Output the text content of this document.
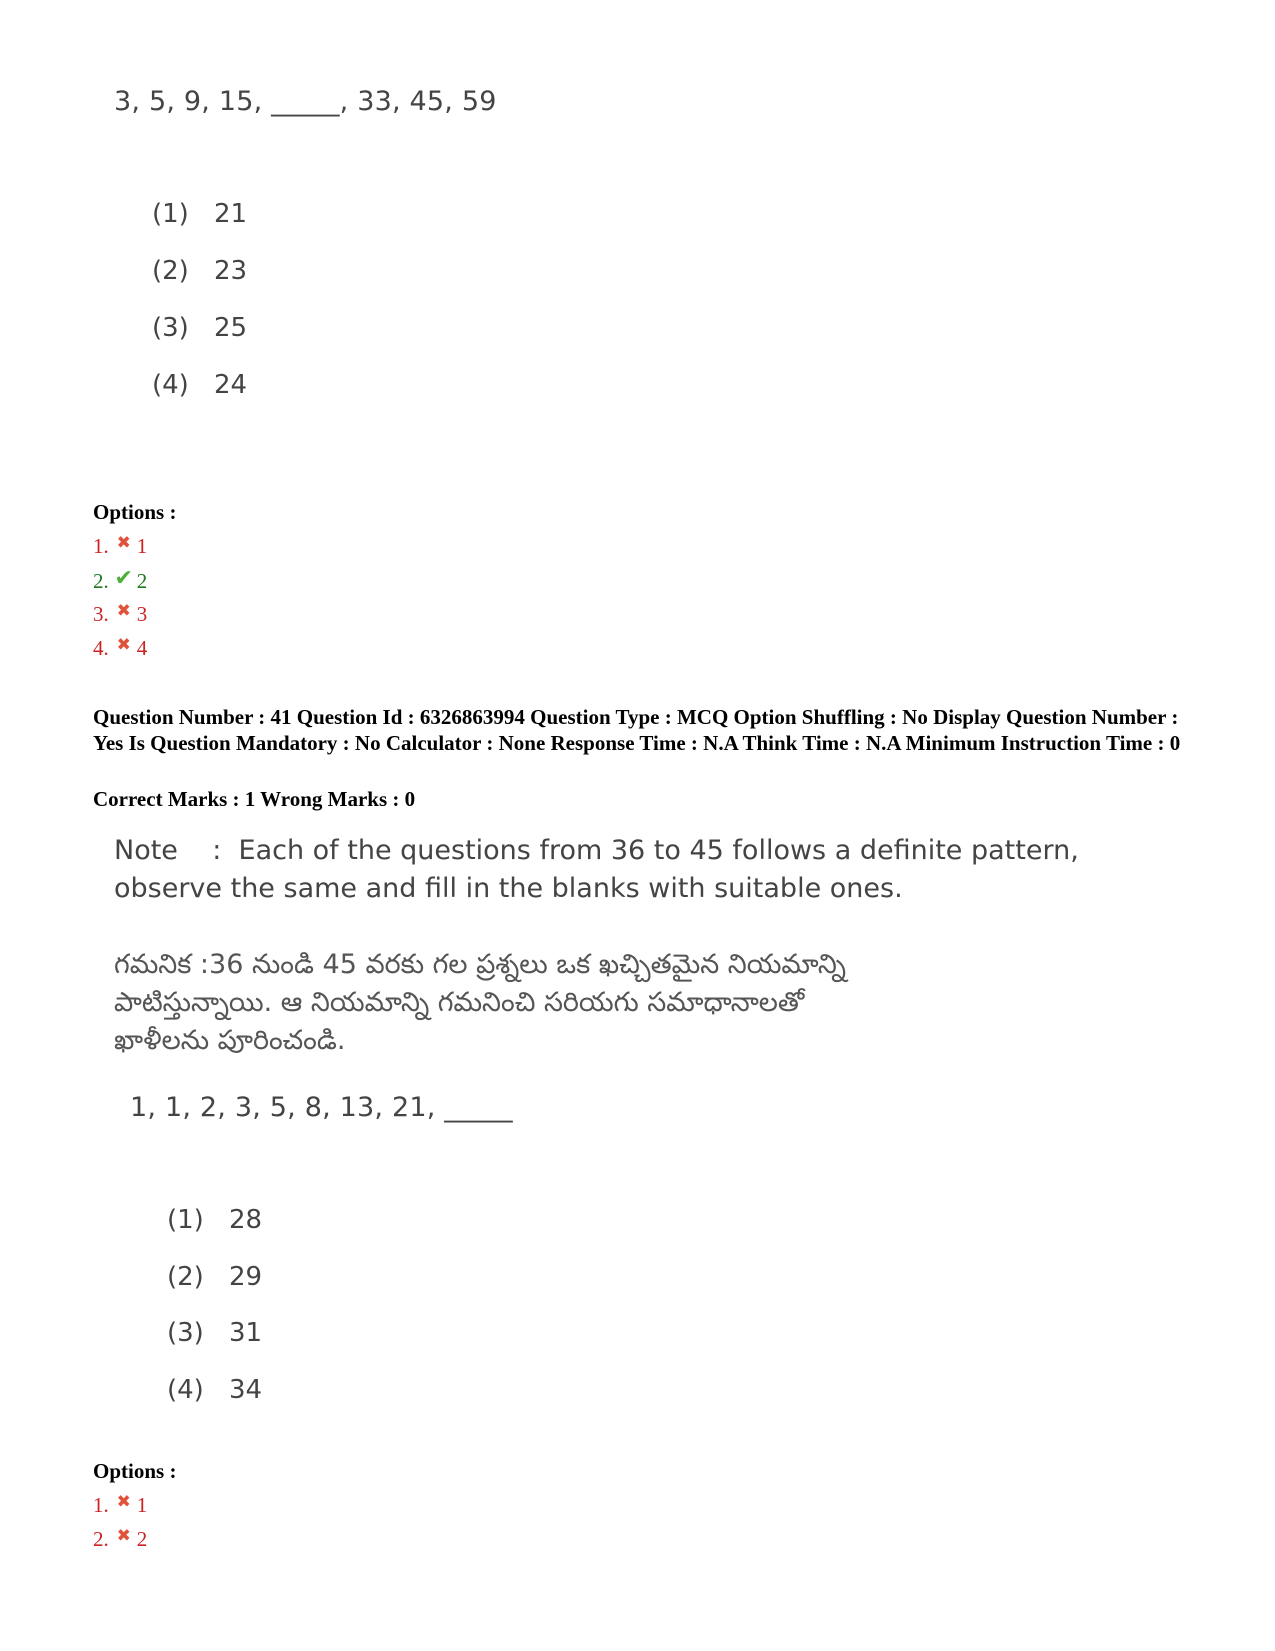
3, 5, 9, 15, _____, 33, 45, 59
(1) 21
(2) 23
(3) 25
(4) 24
Options :
1. ✖ 1
2. ✔ 2
3. ✖ 3
4. ✖ 4
Question Number : 41 Question Id : 6326863994 Question Type : MCQ Option Shuffling : No Display Question Number : Yes Is Question Mandatory : No Calculator : None Response Time : N.A Think Time : N.A Minimum Instruction Time : 0
Correct Marks : 1 Wrong Marks : 0
Note    :  Each of the questions from 36 to 45 follows a definite pattern,
observe the same and fill in the blanks with suitable ones.
గమనిక :36 నుండి 45 వరకు గల ప్రశ్నలు ఒక ఖచ్చితమైన నియమాన్ని
పాటిస్తున్నాయి. ఆ నియమాన్ని గమనించి సరియగు సమాధానాలతో
ఖాళీలను పూరించండి.
1, 1, 2, 3, 5, 8, 13, 21, _____
(1) 28
(2) 29
(3) 31
(4) 34
Options :
1. ✖ 1
2. ✖ 2
